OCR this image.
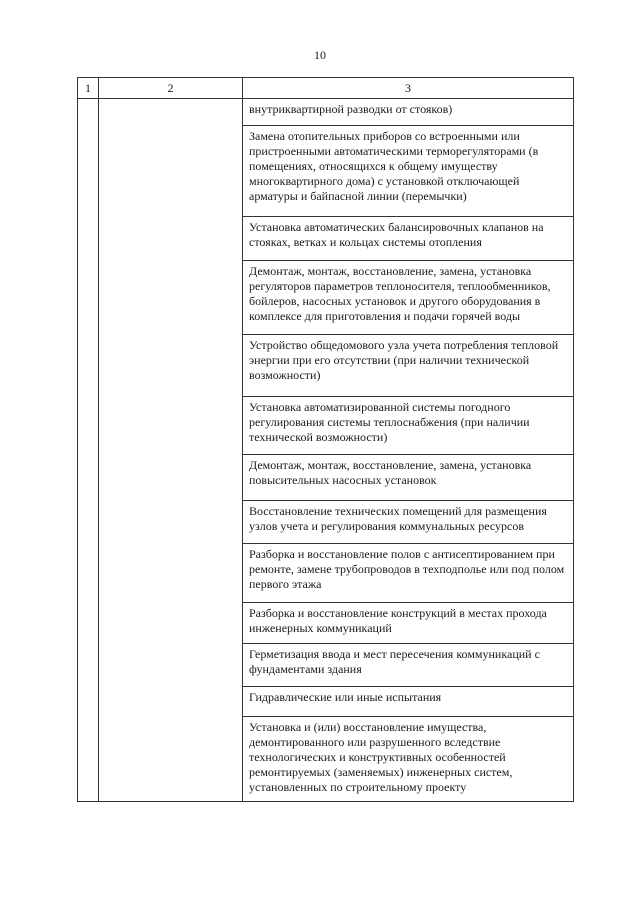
10
1	2	3

		внутриквартирной разводки от стояков)

		Замена отопительных приборов со встроенными или пристроенными автоматическими терморегуляторами (в помещениях, относящихся к общему имуществу многоквартирного дома) с установкой отключающей арматуры и байпасной линии (перемычки)

		Установка автоматических балансировочных клапанов на стояках, ветках и кольцах системы отопления

		Демонтаж, монтаж, восстановление, замена, установка регуляторов параметров теплоносителя, теплообменников, бойлеров, насосных установок и другого оборудования в комплексе для приготовления и подачи горячей воды

		Устройство общедомового узла учета потребления тепловой энергии при его отсутствии (при наличии технической возможности)

		Установка автоматизированной системы погодного регулирования системы теплоснабжения (при наличии технической возможности)

		Демонтаж, монтаж, восстановление, замена, установка повысительных насосных установок

		Восстановление технических помещений для размещения узлов учета и регулирования коммунальных ресурсов

		Разборка и восстановление полов с антисептированием при ремонте, замене трубопроводов в техподполье или под полом первого этажа

		Разборка и восстановление конструкций в местах прохода инженерных коммуникаций

		Герметизация ввода и мест пересечения коммуникаций с фундаментами здания

		Гидравлические или иные испытания

		Установка и (или) восстановление имущества, демонтированного или разрушенного вследствие технологических и конструктивных особенностей ремонтируемых (заменяемых) инженерных систем, установленных по строительному проекту
